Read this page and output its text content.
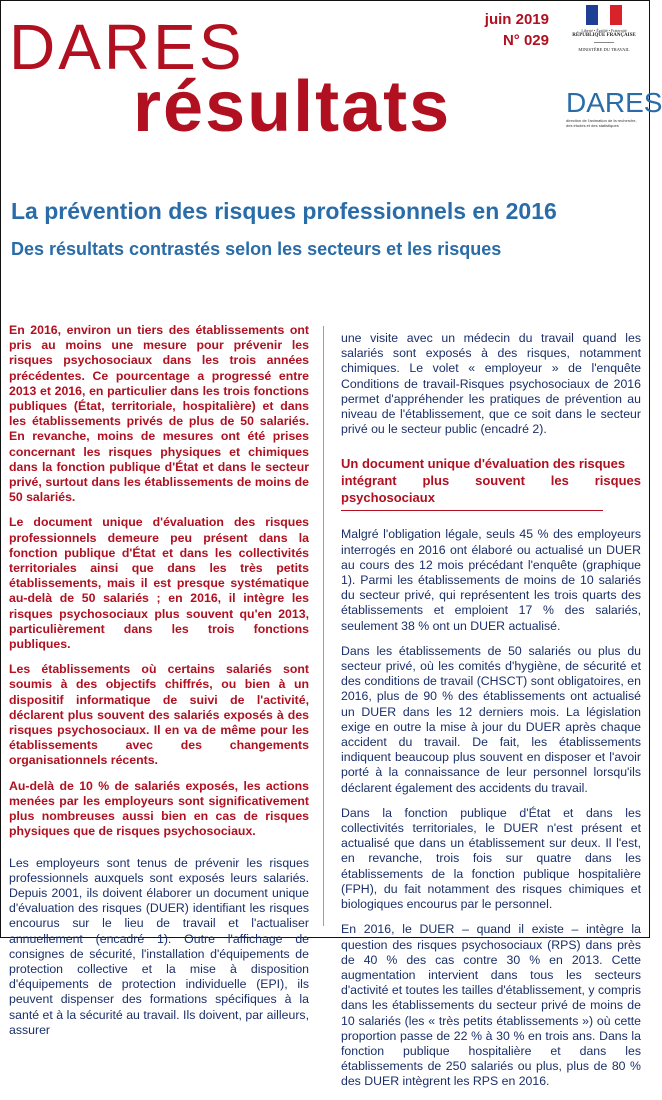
DARES
résultats
juin 2019
N° 029
Liberté • Égalité • Fraternité
RÉPUBLIQUE FRANÇAISE
MINISTÈRE DU TRAVAIL
DARES
direction de l'animation de la recherche, des études et des statistiques
La prévention des risques professionnels en 2016
Des résultats contrastés selon les secteurs et les risques

En 2016, environ un tiers des établissements ont pris au moins une mesure pour prévenir les risques psychosociaux dans les trois années précédentes. Ce pourcentage a progressé entre 2013 et 2016, en particulier dans les trois fonctions publiques (État, territoriale, hospitalière) et dans les établissements privés de plus de 50 salariés. En revanche, moins de mesures ont été prises concernant les risques physiques et chimiques dans la fonction publique d'État et dans le secteur privé, surtout dans les établissements de moins de 50 salariés.

Le document unique d'évaluation des risques professionnels demeure peu présent dans la fonction publique d'État et dans les collectivités territoriales ainsi que dans les très petits établissements, mais il est presque systématique au-delà de 50 salariés ; en 2016, il intègre les risques psychosociaux plus souvent qu'en 2013, particulièrement dans les trois fonctions publiques.

Les établissements où certains salariés sont soumis à des objectifs chiffrés, ou bien à un dispositif informatique de suivi de l'activité, déclarent plus souvent des salariés exposés à des risques psychosociaux. Il en va de même pour les établissements avec des changements organisationnels récents.

Au-delà de 10 % de salariés exposés, les actions menées par les employeurs sont significativement plus nombreuses aussi bien en cas de risques physiques que de risques psychosociaux.

Les employeurs sont tenus de prévenir les risques professionnels auxquels sont exposés leurs salariés. Depuis 2001, ils doivent élaborer un document unique d'évaluation des risques (DUER) identifiant les risques encourus sur le lieu de travail et l'actualiser annuellement (encadré 1). Outre l'affichage de consignes de sécurité, l'installation d'équipements de protection collective et la mise à disposition d'équipements de protection individuelle (EPI), ils peuvent dispenser des formations spécifiques à la santé et à la sécurité au travail. Ils doivent, par ailleurs, assurer

une visite avec un médecin du travail quand les salariés sont exposés à des risques, notamment chimiques. Le volet « employeur » de l'enquête Conditions de travail-Risques psychosociaux de 2016 permet d'appréhender les pratiques de prévention au niveau de l'établissement, que ce soit dans le secteur privé ou le secteur public (encadré 2).

Un document unique d'évaluation des risques
intégrant plus souvent les risques psychosociaux

Malgré l'obligation légale, seuls 45 % des employeurs interrogés en 2016 ont élaboré ou actualisé un DUER au cours des 12 mois précédant l'enquête (graphique 1). Parmi les établissements de moins de 10 salariés du secteur privé, qui représentent les trois quarts des établissements et emploient 17 % des salariés, seulement 38 % ont un DUER actualisé.

Dans les établissements de 50 salariés ou plus du secteur privé, où les comités d'hygiène, de sécurité et des conditions de travail (CHSCT) sont obligatoires, en 2016, plus de 90 % des établissements ont actualisé un DUER dans les 12 derniers mois. La législation exige en outre la mise à jour du DUER après chaque accident du travail. De fait, les établissements indiquent beaucoup plus souvent en disposer et l'avoir porté à la connaissance de leur personnel lorsqu'ils déclarent également des accidents du travail.

Dans la fonction publique d'État et dans les collectivités territoriales, le DUER n'est présent et actualisé que dans un établissement sur deux. Il l'est, en revanche, trois fois sur quatre dans les établissements de la fonction publique hospitalière (FPH), du fait notamment des risques chimiques et biologiques encourus par le personnel.

En 2016, le DUER – quand il existe – intègre la question des risques psychosociaux (RPS) dans près de 40 % des cas contre 30 % en 2013. Cette augmentation intervient dans tous les secteurs d'activité et toutes les tailles d'établissement, y compris dans les établissements du secteur privé de moins de 10 salariés (les « très petits établissements ») où cette proportion passe de 22 % à 30 % en trois ans. Dans la fonction publique hospitalière et dans les établissements de 250 salariés ou plus, plus de 80 % des DUER intègrent les RPS en 2016.
